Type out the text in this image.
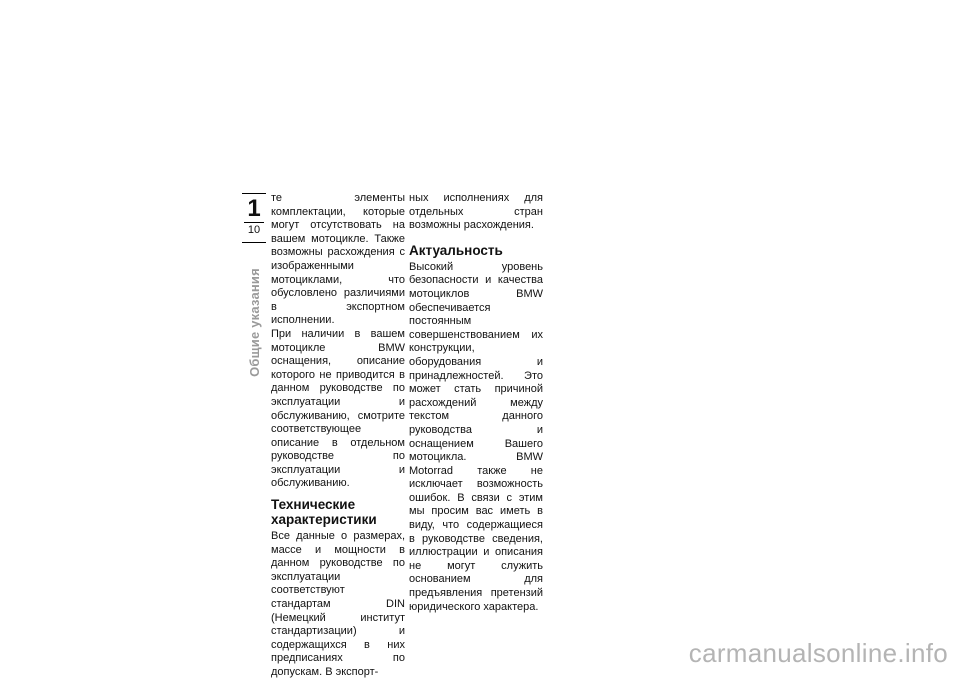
1
10
Общие указания

те элементы комплектации, которые могут отсутствовать на вашем мотоцикле. Также возможны расхождения с изображенными мотоциклами, что обусловлено различиями в экспортном исполнении.

При наличии в вашем мотоцикле BMW оснащения, описание которого не приводится в данном руководстве по эксплуатации и обслуживанию, смотрите соответствующее описание в отдельном руководстве по эксплуатации и обслуживанию.

Технические характеристики

Все данные о размерах, массе и мощности в данном руководстве по эксплуатации соответствуют стандартам DIN (Немецкий институт стандартизации) и содержащихся в них предписаниях по допускам. В экспорт-

ных исполнениях для отдельных стран возможны расхождения.

Актуальность

Высокий уровень безопасности и качества мотоциклов BMW обеспечивается постоянным совершенствованием их конструкции, оборудования и принадлежностей. Это может стать причиной расхождений между текстом данного руководства и оснащением Вашего мотоцикла. BMW Motorrad также не исключает возможность ошибок. В связи с этим мы просим вас иметь в виду, что содержащиеся в руководстве сведения, иллюстрации и описания не могут служить основанием для предъявления претензий юридического характера.

carmanualsonline.info
